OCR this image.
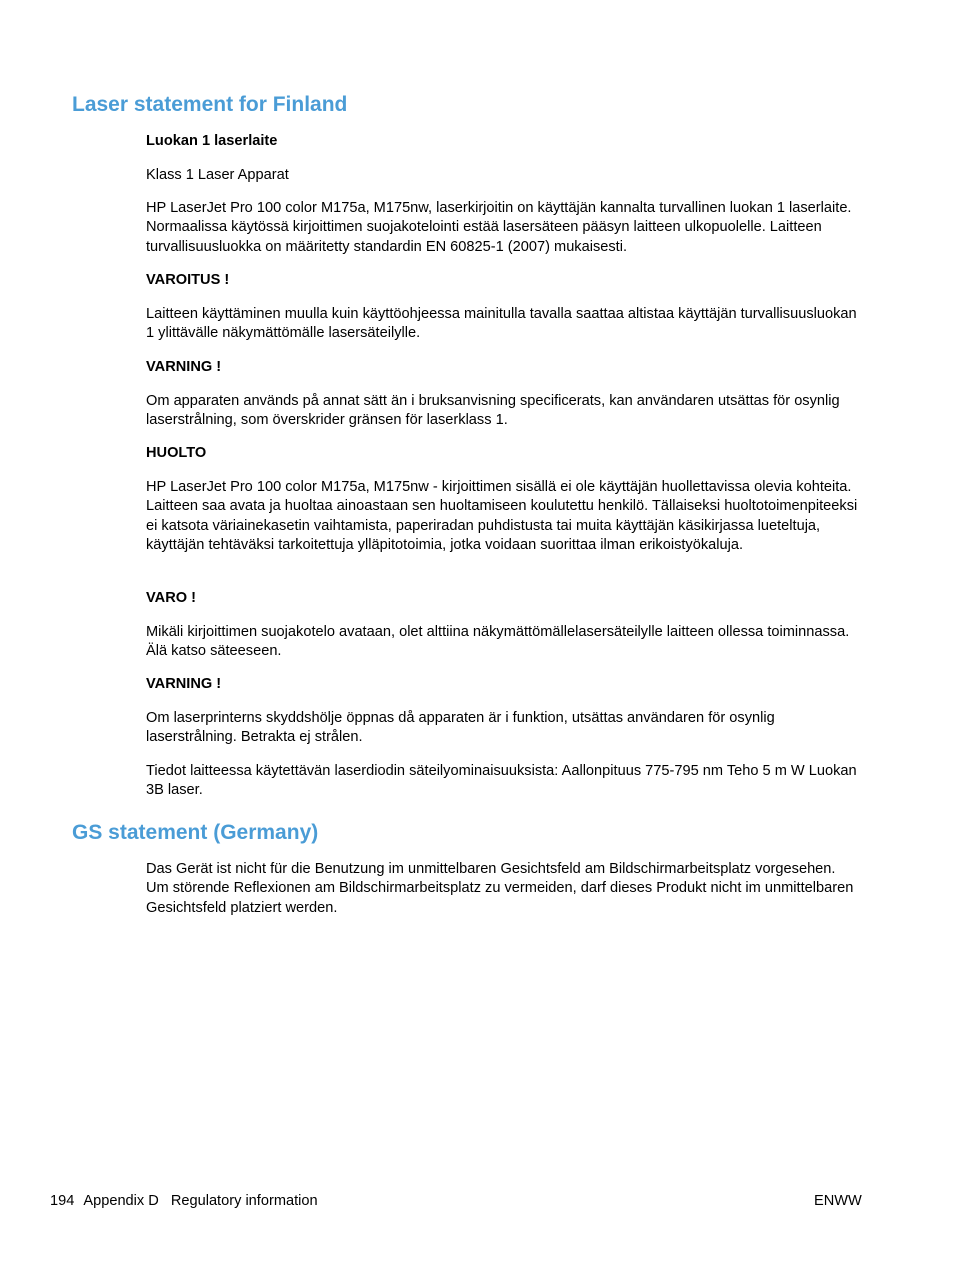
Laser statement for Finland

Luokan 1 laserlaite

Klass 1 Laser Apparat

HP LaserJet Pro 100 color M175a, M175nw, laserkirjoitin on käyttäjän kannalta turvallinen luokan 1 laserlaite. Normaalissa käytössä kirjoittimen suojakotelointi estää lasersäteen pääsyn laitteen ulkopuolelle. Laitteen turvallisuusluokka on määritetty standardin EN 60825-1 (2007) mukaisesti.

VAROITUS !

Laitteen käyttäminen muulla kuin käyttöohjeessa mainitulla tavalla saattaa altistaa käyttäjän turvallisuusluokan 1 ylittävälle näkymättömälle lasersäteilylle.

VARNING !

Om apparaten används på annat sätt än i bruksanvisning specificerats, kan användaren utsättas för osynlig laserstrålning, som överskrider gränsen för laserklass 1.

HUOLTO

HP LaserJet Pro 100 color M175a, M175nw - kirjoittimen sisällä ei ole käyttäjän huollettavissa olevia kohteita. Laitteen saa avata ja huoltaa ainoastaan sen huoltamiseen koulutettu henkilö. Tällaiseksi huoltotoimenpiteeksi ei katsota väriainekasetin vaihtamista, paperiradan puhdistusta tai muita käyttäjän käsikirjassa lueteltuja, käyttäjän tehtäväksi tarkoitettuja ylläpitotoimia, jotka voidaan suorittaa ilman erikoistyökaluja.

VARO !

Mikäli kirjoittimen suojakotelo avataan, olet alttiina näkymättömällelasersäteilylle laitteen ollessa toiminnassa. Älä katso säteeseen.

VARNING !

Om laserprinterns skyddshölje öppnas då apparaten är i funktion, utsättas användaren för osynlig laserstrålning. Betrakta ej strålen.

Tiedot laitteessa käytettävän laserdiodin säteilyominaisuuksista: Aallonpituus 775-795 nm Teho 5 m W Luokan 3B laser.

GS statement (Germany)

Das Gerät ist nicht für die Benutzung im unmittelbaren Gesichtsfeld am Bildschirmarbeitsplatz vorgesehen. Um störende Reflexionen am Bildschirmarbeitsplatz zu vermeiden, darf dieses Produkt nicht im unmittelbaren Gesichtsfeld platziert werden.

194 Appendix D Regulatory information	ENWW
